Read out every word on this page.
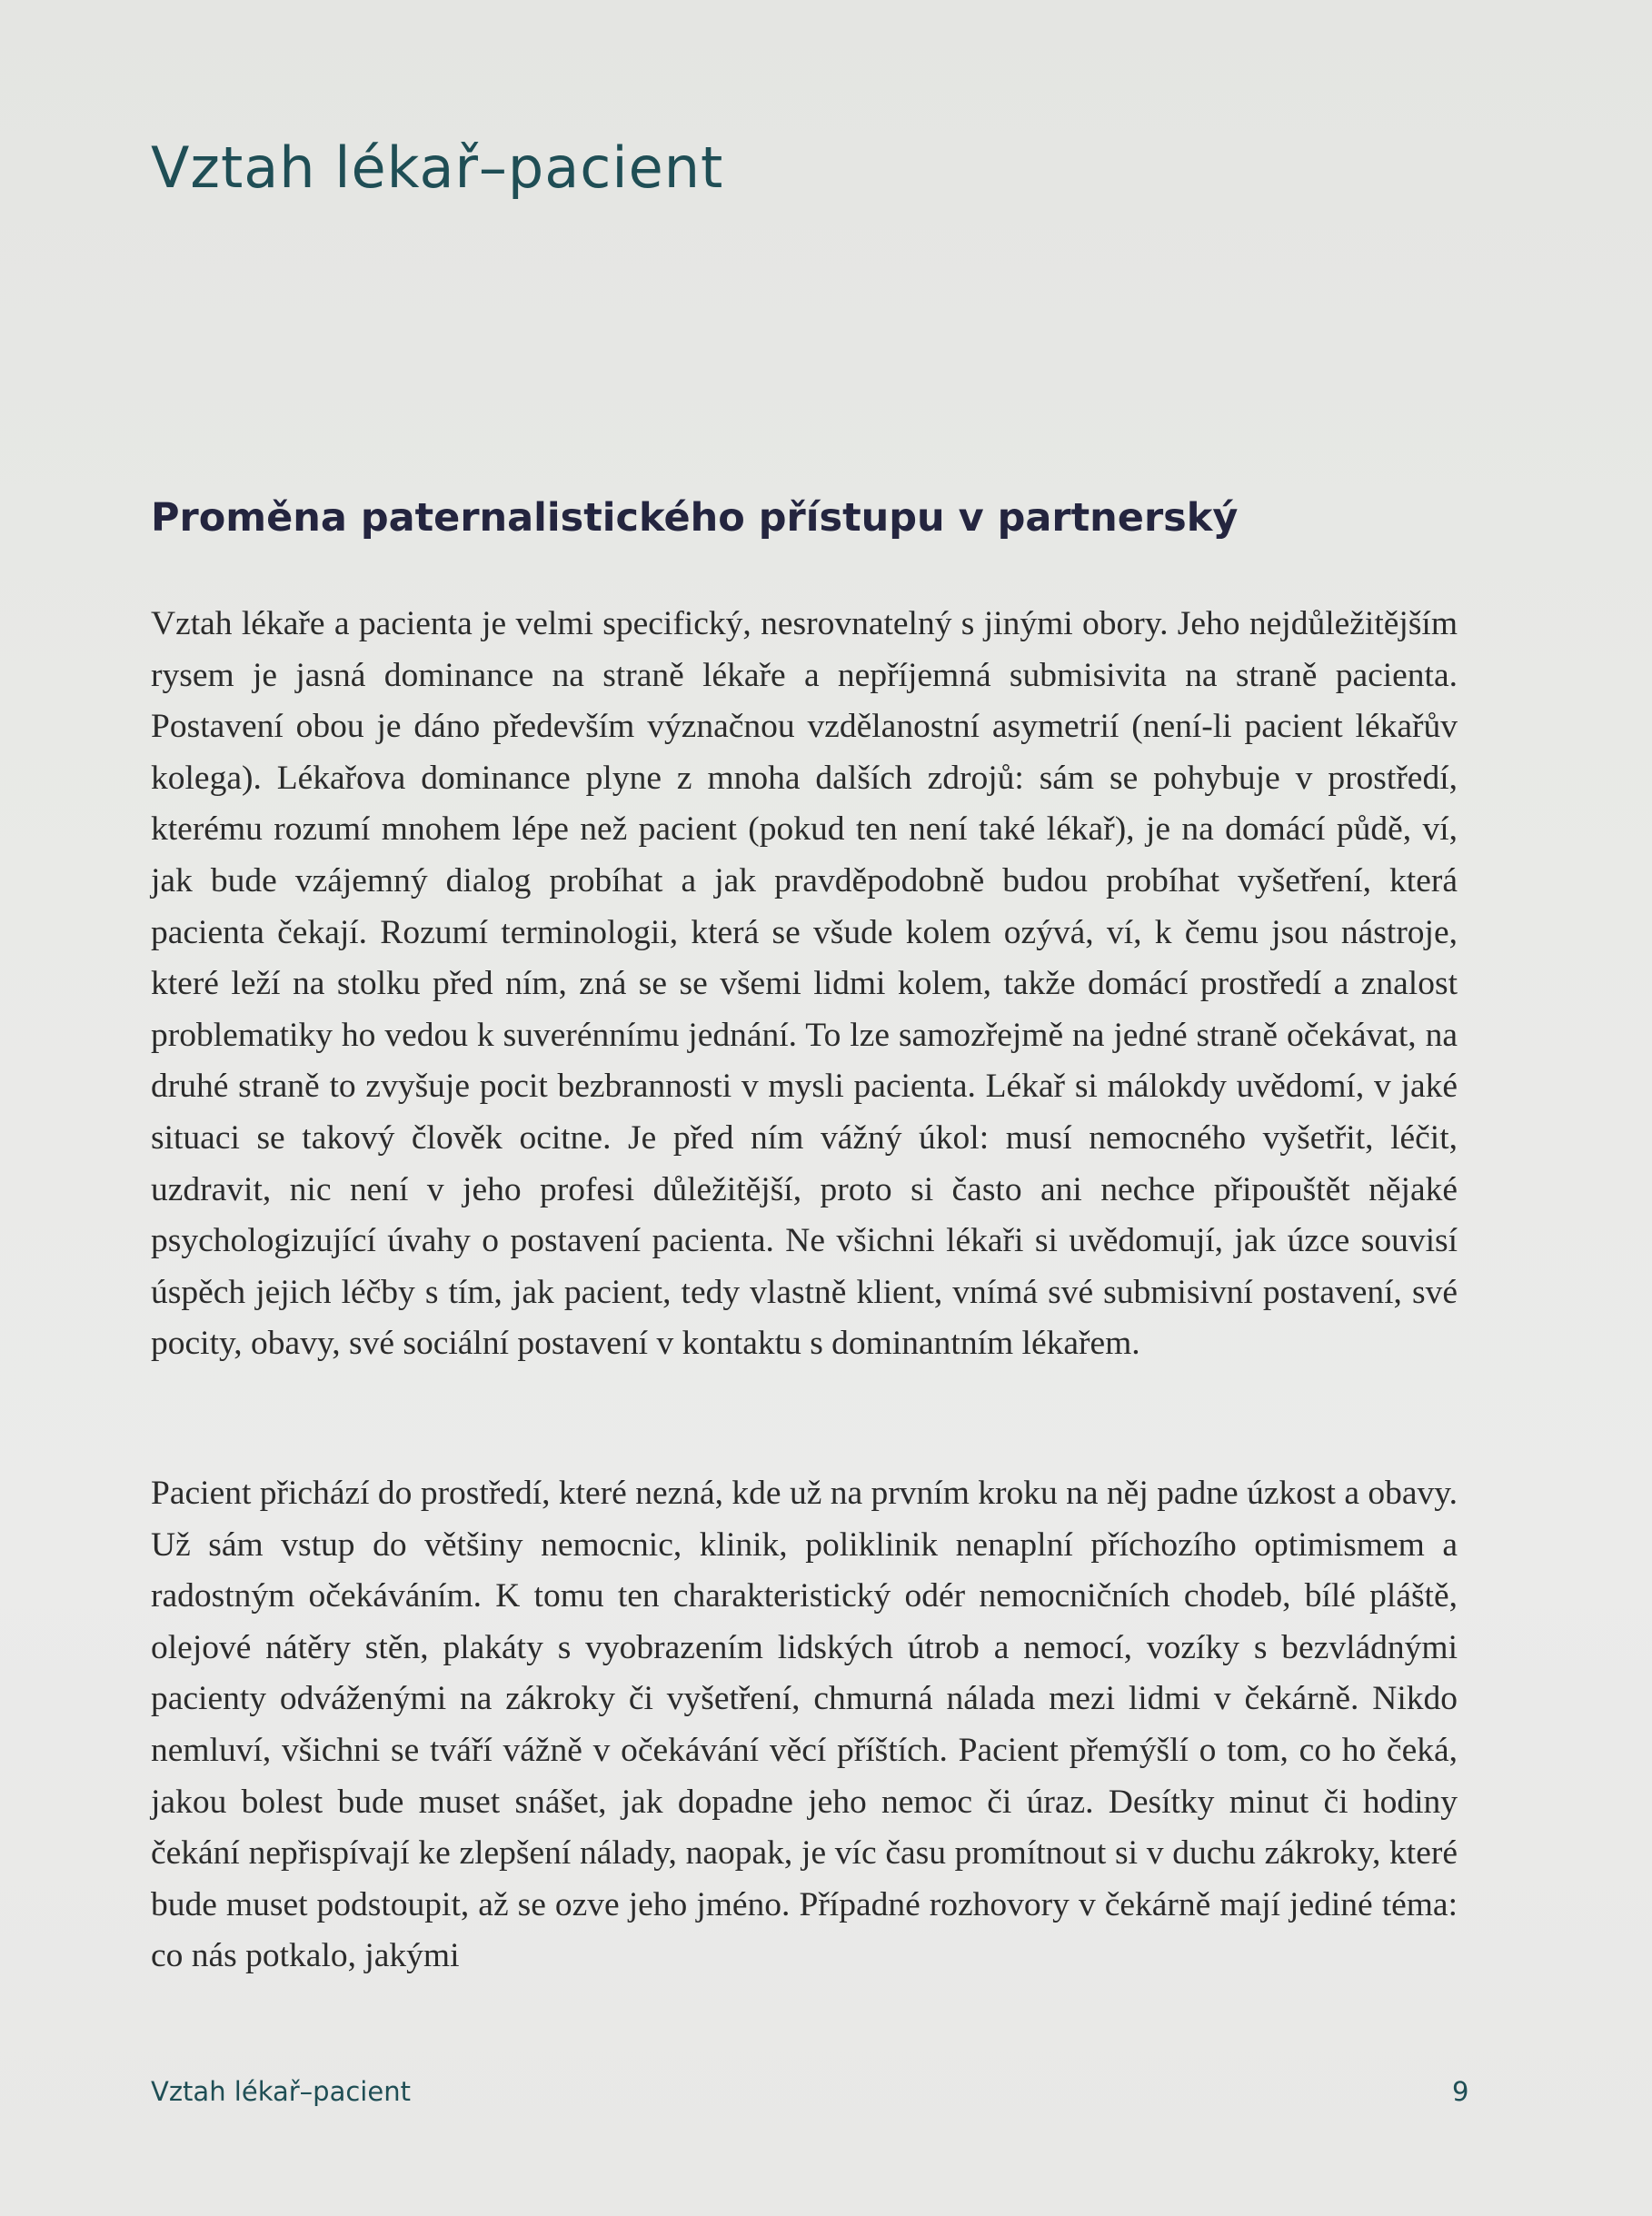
Vztah lékař–pacient
Proměna paternalistického přístupu v partnerský

Vztah lékaře a pacienta je velmi specifický, nesrovnatelný s jinými obory. Jeho nejdůležitějším rysem je jasná dominance na straně lékaře a nepříjemná submisivita na straně pacienta. Postavení obou je dáno především význačnou vzdělanostní asymetrií (není-li pacient lékařův kolega). Lékařova dominance plyne z mnoha dalších zdrojů: sám se pohybuje v prostředí, kterému rozumí mnohem lépe než pacient (pokud ten není také lékař), je na domácí půdě, ví, jak bude vzájemný dialog probíhat a jak pravděpodobně budou probíhat vyšetření, která pacienta čekají. Rozumí terminologii, která se všude kolem ozývá, ví, k čemu jsou nástroje, které leží na stolku před ním, zná se se všemi lidmi kolem, takže domácí prostředí a znalost problematiky ho vedou k suverénnímu jednání. To lze samozřejmě na jedné straně očekávat, na druhé straně to zvyšuje pocit bezbrannosti v mysli pacienta. Lékař si málokdy uvědomí, v jaké situaci se takový člověk ocitne. Je před ním vážný úkol: musí nemocného vyšetřit, léčit, uzdravit, nic není v jeho profesi důležitější, proto si často ani nechce připouštět nějaké psychologizující úvahy o postavení pacienta. Ne všichni lékaři si uvědomují, jak úzce souvisí úspěch jejich léčby s tím, jak pacient, tedy vlastně klient, vnímá své submisivní postavení, své pocity, obavy, své sociální postavení v kontaktu s dominantním lékařem.

Pacient přichází do prostředí, které nezná, kde už na prvním kroku na něj padne úzkost a obavy. Už sám vstup do většiny nemocnic, klinik, poliklinik nenaplní příchozího optimismem a radostným očekáváním. K tomu ten charakteristický odér nemocničních chodeb, bílé pláště, olejové nátěry stěn, plakáty s vyobrazením lidských útrob a nemocí, vozíky s bezvládnými pacienty odváženými na zákroky či vyšetření, chmurná nálada mezi lidmi v čekárně. Nikdo nemluví, všichni se tváří vážně v očekávání věcí příštích. Pacient přemýšlí o tom, co ho čeká, jakou bolest bude muset snášet, jak dopadne jeho nemoc či úraz. Desítky minut či hodiny čekání nepřispívají ke zlepšení nálady, naopak, je víc času promítnout si v duchu zákroky, které bude muset podstoupit, až se ozve jeho jméno. Případné rozhovory v čekárně mají jediné téma: co nás potkalo, jakými

Vztah lékař–pacient	9
